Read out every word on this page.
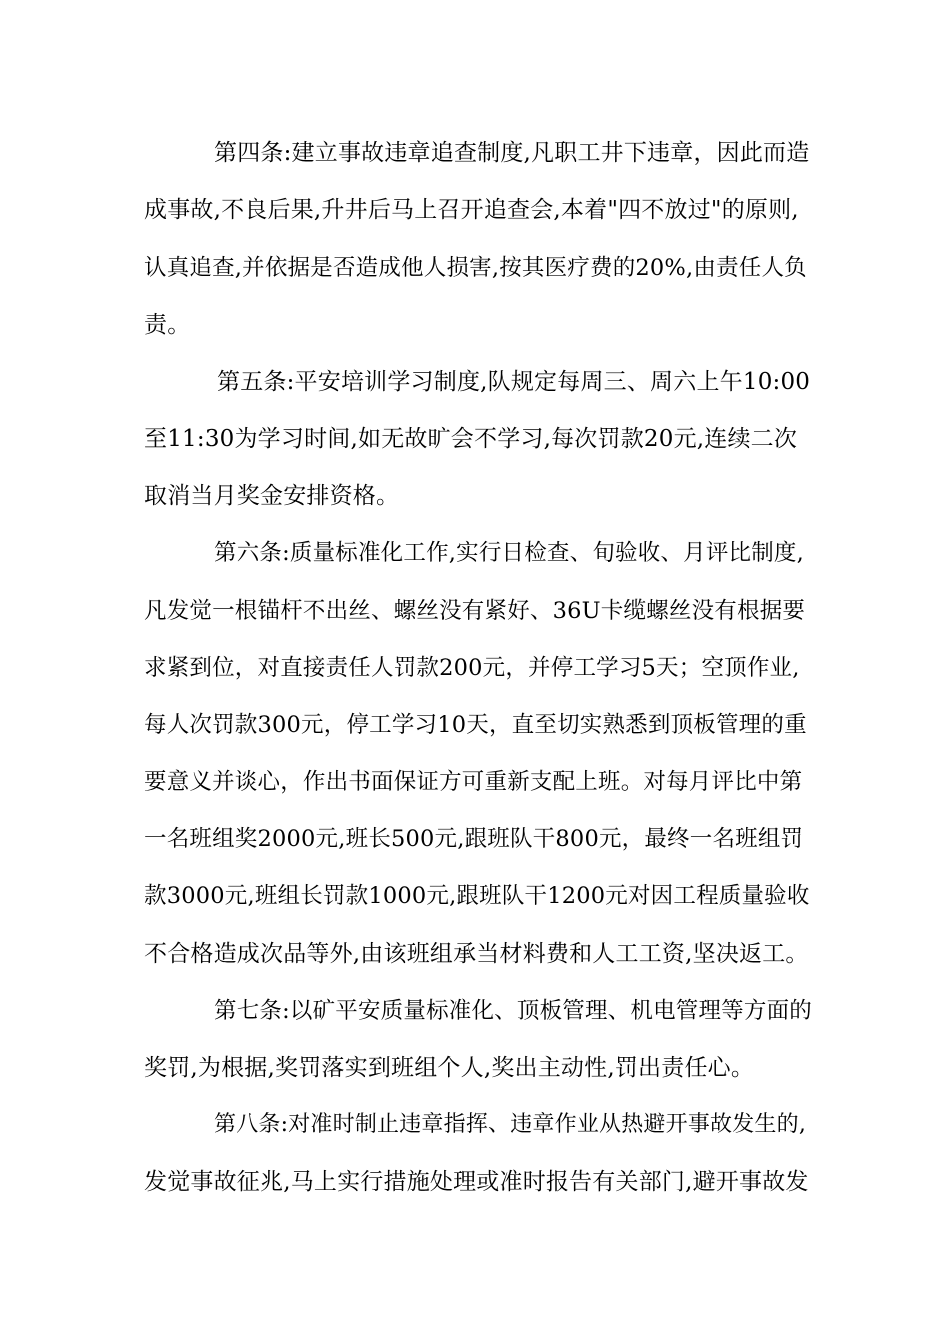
第四条:建立事故违章追查制度,凡职工井下违章，因此而造
成事故,不良后果,升井后马上召开追查会,本着"四不放过"的原则,
认真追查,并依据是否造成他人损害,按其医疗费的20%,由责任人负
责。
第五条:平安培训学习制度,队规定每周三、周六上午10:00
至11:30为学习时间,如无故旷会不学习,每次罚款20元,连续二次
取消当月奖金安排资格。
第六条:质量标准化工作,实行日检查、旬验收、月评比制度,
凡发觉一根锚杆不出丝、螺丝没有紧好、36U卡缆螺丝没有根据要
求紧到位，对直接责任人罚款200元，并停工学习5天；空顶作业,
每人次罚款300元，停工学习10天，直至切实熟悉到顶板管理的重
要意义并谈心，作出书面保证方可重新支配上班。对每月评比中第
一名班组奖2000元,班长500元,跟班队干800元，最终一名班组罚
款3000元,班组长罚款1000元,跟班队干1200元对因工程质量验收
不合格造成次品等外,由该班组承当材料费和人工工资,坚决返工。
第七条:以矿平安质量标准化、顶板管理、机电管理等方面的
奖罚,为根据,奖罚落实到班组个人,奖出主动性,罚出责任心。
第八条:对准时制止违章指挥、违章作业从热避开事故发生的,
发觉事故征兆,马上实行措施处理或准时报告有关部门,避开事故发
